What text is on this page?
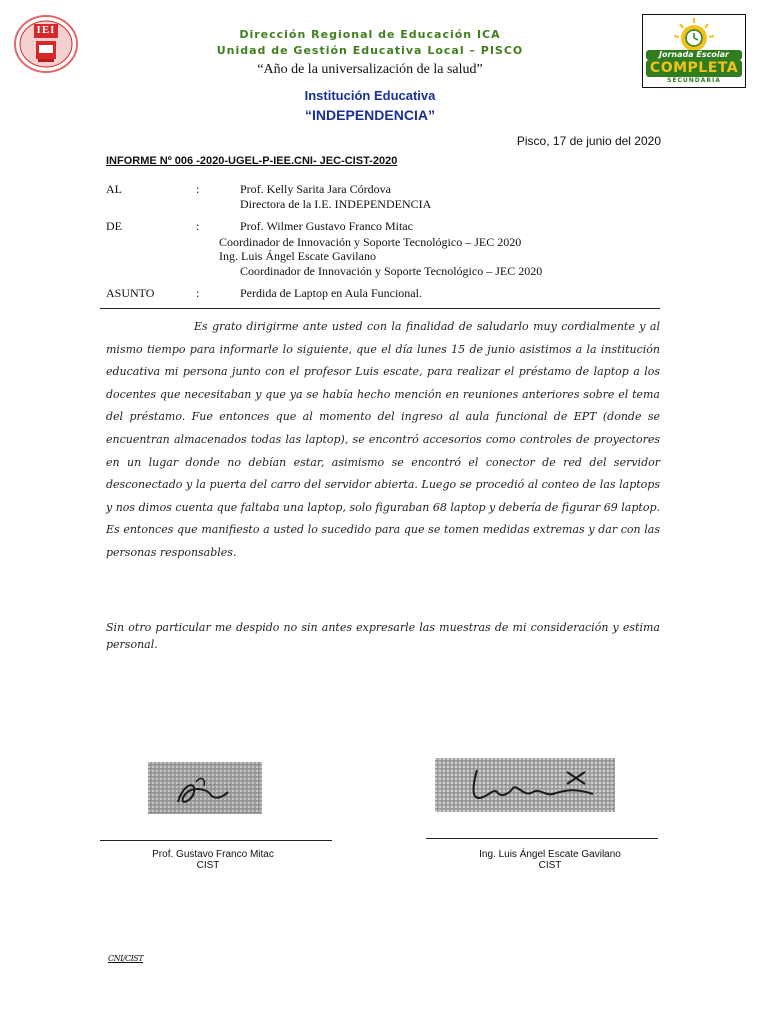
IEI	Dirección Regional de Educación ICA
Unidad de Gestión Educativa Local – PISCO
“Año de la universalización de la salud”
Institución Educativa
“INDEPENDENCIA”
Jornada Escolar
COMPLETA
SECUNDARIA
Pisco, 17 de junio del 2020
INFORME Nº 006 -2020-UGEL-P-IEE.CNI- JEC-CIST-2020
AL	:	Prof. Kelly Sarita Jara Córdova
Directora de la I.E. INDEPENDENCIA
DE	:	Prof. Wilmer Gustavo Franco Mitac
Coordinador de Innovación y Soporte Tecnológico – JEC 2020
Ing. Luis Ángel Escate Gavilano
Coordinador de Innovación y Soporte Tecnológico – JEC 2020
ASUNTO	:	Perdida de Laptop en Aula Funcional.
Es grato dirigirme ante usted con la finalidad de saludarlo muy cordialmente y al mismo tiempo para informarle lo siguiente, que el día lunes 15 de junio asistimos a la institución educativa mi persona junto con el profesor Luis escate, para realizar el préstamo de laptop a los docentes que necesitaban y que ya se había hecho mención en reuniones anteriores sobre el tema del préstamo. Fue entonces que al momento del ingreso al aula funcional de EPT (donde se encuentran almacenados todas las laptop), se encontró accesorios como controles de proyectores en un lugar donde no debían estar, asimismo se encontró el conector de red del servidor desconectado y la puerta del carro del servidor abierta. Luego se procedió al conteo de las laptops y nos dimos cuenta que faltaba una laptop, solo figuraban 68 laptop y debería de figurar 69 laptop. Es entonces que manifiesto a usted lo sucedido para que se tomen medidas extremas y dar con las personas responsables.
Sin otro particular me despido no sin antes expresarle las muestras de mi consideración y estima personal.
Prof. Gustavo Franco Mitac
CIST
Ing. Luis Ángel Escate Gavilano
CIST
CNI/CIST
